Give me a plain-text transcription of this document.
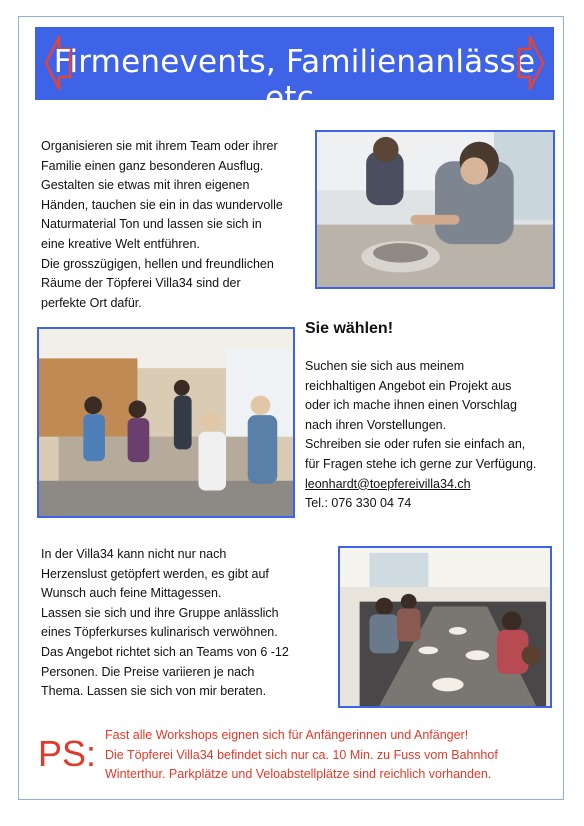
Firmenevents, Familienanlässe etc.

Organisieren sie mit ihrem Team oder ihrer

Familie einen ganz besonderen Ausflug.

Gestalten sie etwas mit ihren eigenen

Händen, tauchen sie ein in das wundervolle

Naturmaterial Ton und lassen sie sich in

eine kreative Welt entführen.

Die grosszügigen, hellen und freundlichen

Räume der Töpferei Villa34 sind der

perfekte Ort dafür.

Sie wählen!

Suchen sie sich aus meinem

reichhaltigen Angebot ein Projekt aus

oder ich mache ihnen einen Vorschlag

nach ihren Vorstellungen.

Schreiben sie oder rufen sie einfach an,

für Fragen stehe ich gerne zur Verfügung.

leonhardt@toepfereivilla34.ch

Tel.: 076 330 04 74

In der Villa34 kann nicht nur nach

Herzenslust getöpfert werden, es gibt auf

Wunsch auch feine Mittagessen.

Lassen sie sich und ihre Gruppe anlässlich

eines Töpferkurses kulinarisch verwöhnen.

Das Angebot richtet sich an Teams von 6 -12

Personen. Die Preise variieren je nach

Thema. Lassen sie sich von mir beraten.

PS: Fast alle Workshops eignen sich für Anfängerinnen und Anfänger!

Die Töpferei Villa34 befindet sich nur ca. 10 Min. zu Fuss vom Bahnhof

Winterthur. Parkplätze und Veloabstellplätze sind reichlich vorhanden.
